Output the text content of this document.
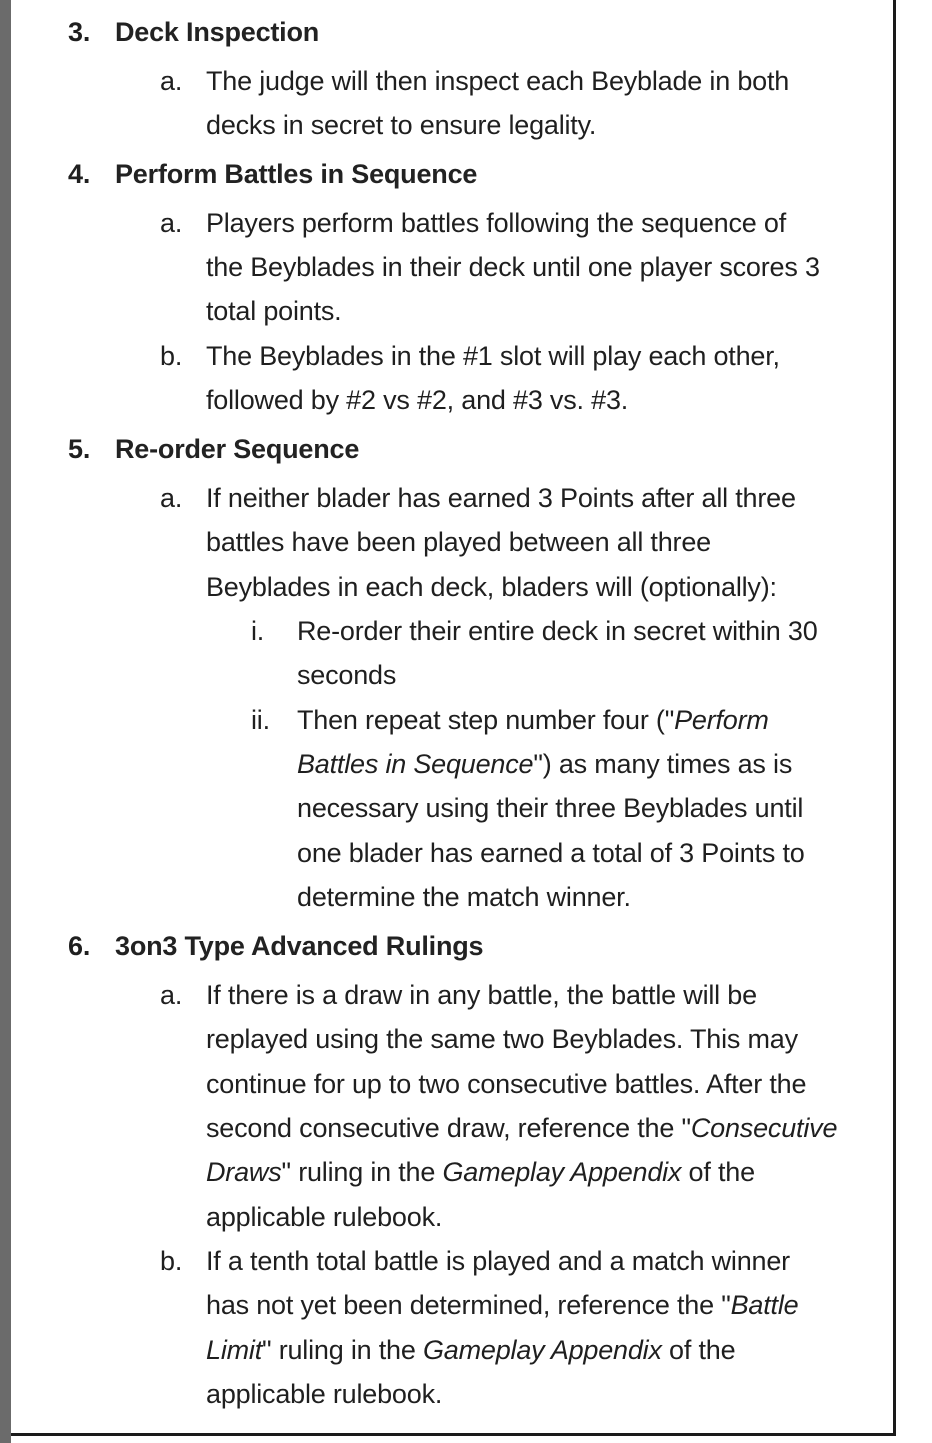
3. Deck Inspection
a. The judge will then inspect each Beyblade in both
decks in secret to ensure legality.
4. Perform Battles in Sequence
a. Players perform battles following the sequence of
the Beyblades in their deck until one player scores 3
total points.
b. The Beyblades in the #1 slot will play each other,
followed by #2 vs #2, and #3 vs. #3.
5. Re-order Sequence
a. If neither blader has earned 3 Points after all three
battles have been played between all three
Beyblades in each deck, bladers will (optionally):
i. Re-order their entire deck in secret within 30
seconds
ii. Then repeat step number four ("Perform
Battles in Sequence") as many times as is
necessary using their three Beyblades until
one blader has earned a total of 3 Points to
determine the match winner.
6. 3on3 Type Advanced Rulings
a. If there is a draw in any battle, the battle will be
replayed using the same two Beyblades. This may
continue for up to two consecutive battles. After the
second consecutive draw, reference the "Consecutive
Draws" ruling in the Gameplay Appendix of the
applicable rulebook.
b. If a tenth total battle is played and a match winner
has not yet been determined, reference the "Battle
Limit" ruling in the Gameplay Appendix of the
applicable rulebook.
